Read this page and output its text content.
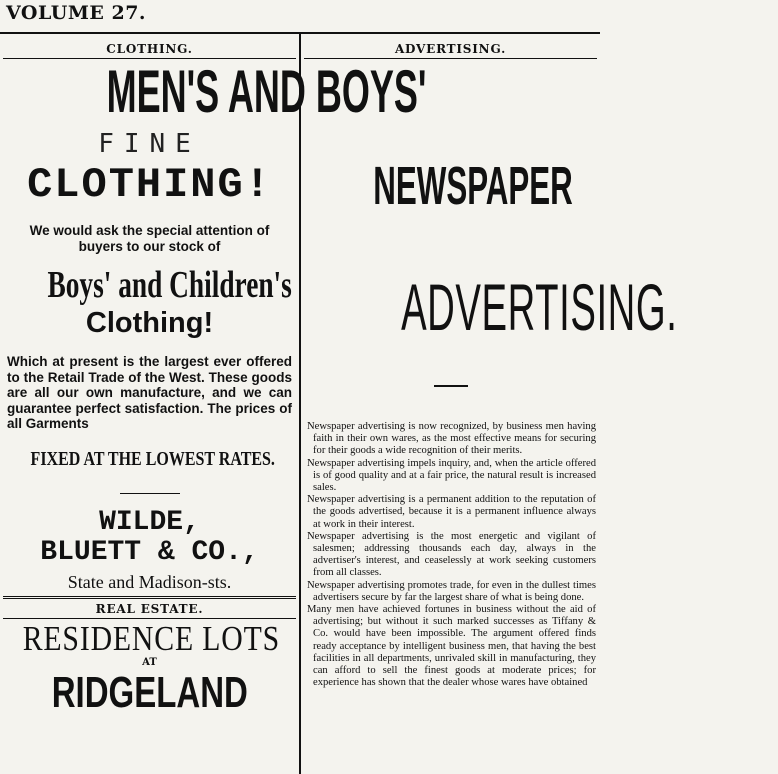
VOLUME 27.
CLOTHING.
MEN'S AND BOYS'
FINE
CLOTHING!
We would ask the special attention of buyers to our stock of
Boys' and Children's
Clothing!
Which at present is the largest ever offered to the Retail Trade of the West. These goods are all our own manufacture, and we can guarantee perfect satisfaction. The prices of all Garments
FIXED AT THE LOWEST RATES.
WILDE,
BLUETT & CO.,
State and Madison-sts.
REAL ESTATE.
RESIDENCE LOTS
AT
RIDGELAND
ADVERTISING.
NEWSPAPER
ADVERTISING.

Newspaper advertising is now recognized, by business men having faith in their own wares, as the most effective means for securing for their goods a wide recognition of their merits.

Newspaper advertising impels inquiry, and, when the article offered is of good quality and at a fair price, the natural result is increased sales.

Newspaper advertising is a permanent addition to the reputation of the goods advertised, because it is a permanent influence always at work in their interest.

Newspaper advertising is the most energetic and vigilant of salesmen; addressing thousands each day, always in the advertiser's interest, and ceaselessly at work seeking customers from all classes.

Newspaper advertising promotes trade, for even in the dullest times advertisers secure by far the largest share of what is being done.

Many men have achieved fortunes in business without the aid of advertising; but without it such marked successes as Tiffany & Co. would have been impossible. The argument offered finds ready acceptance by intelligent business men, that having the best facilities in all departments, unrivaled skill in manufacturing, they can afford to sell the finest goods at moderate prices; for experience has shown that the dealer whose wares have obtained
